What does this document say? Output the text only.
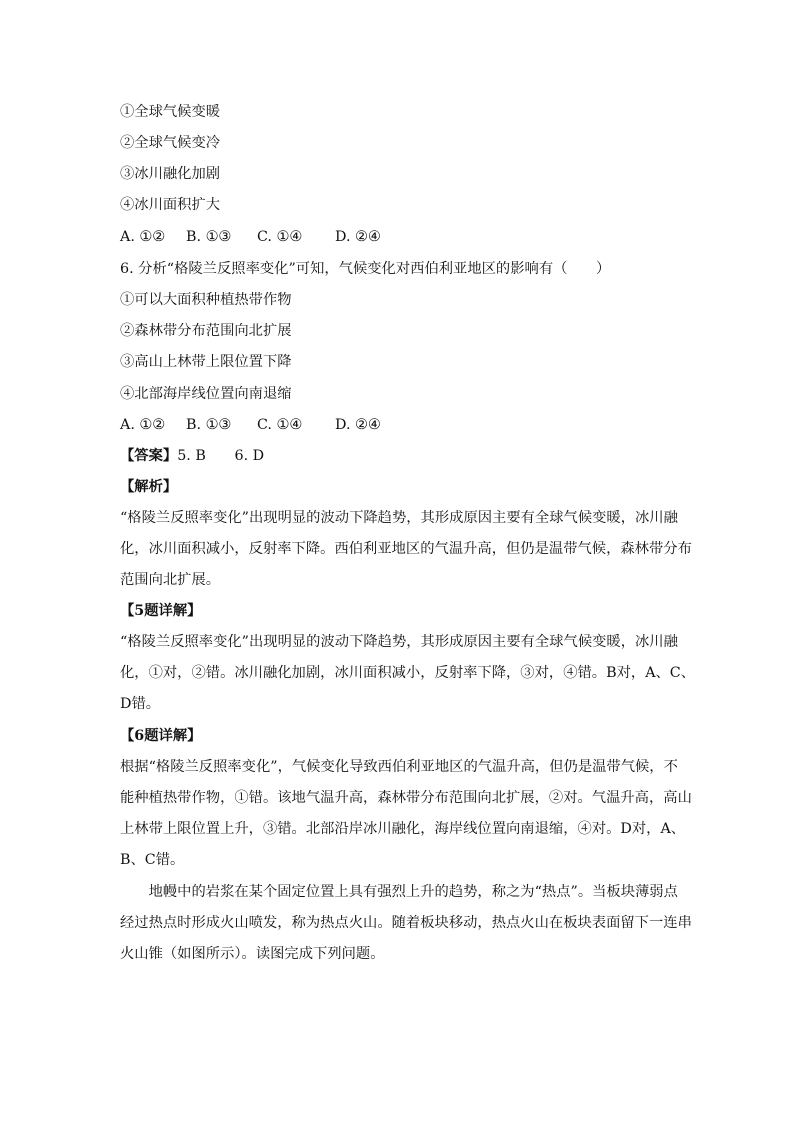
①全球气候变暖
②全球气候变冷
③冰川融化加剧
④冰川面积扩大
A. ①② B. ①③ C. ①④ D. ②④
6. 分析“格陵兰反照率变化”可知，气候变化对西伯利亚地区的影响有（　　）
①可以大面积种植热带作物
②森林带分布范围向北扩展
③高山上林带上限位置下降
④北部海岸线位置向南退缩
A. ①② B. ①③ C. ①④ D. ②④
【答案】5. B　　6. D
【解析】
“格陵兰反照率变化”出现明显的波动下降趋势，其形成原因主要有全球气候变暖，冰川融
化，冰川面积减小，反射率下降。西伯利亚地区的气温升高，但仍是温带气候，森林带分布
范围向北扩展。
【5题详解】
“格陵兰反照率变化”出现明显的波动下降趋势，其形成原因主要有全球气候变暖，冰川融
化，①对，②错。冰川融化加剧，冰川面积减小，反射率下降，③对，④错。B对，A、C、
D错。
【6题详解】
根据“格陵兰反照率变化”，气候变化导致西伯利亚地区的气温升高，但仍是温带气候，不
能种植热带作物，①错。该地气温升高，森林带分布范围向北扩展，②对。气温升高，高山
上林带上限位置上升，③错。北部沿岸冰川融化，海岸线位置向南退缩，④对。D对，A、
B、C错。
　　地幔中的岩浆在某个固定位置上具有强烈上升的趋势，称之为“热点”。当板块薄弱点
经过热点时形成火山喷发，称为热点火山。随着板块移动，热点火山在板块表面留下一连串
火山锥（如图所示）。读图完成下列问题。
